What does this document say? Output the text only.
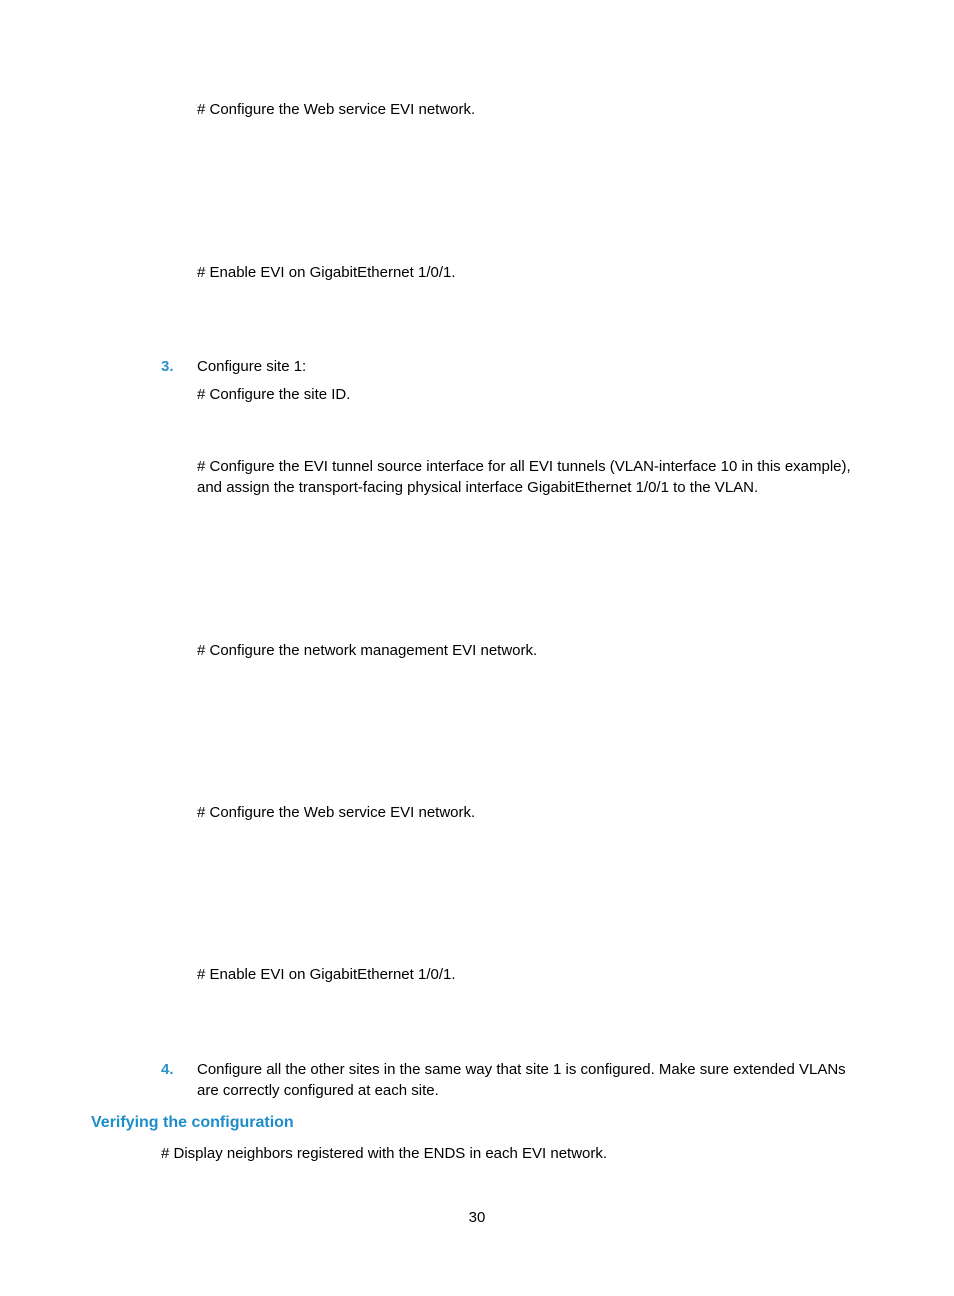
# Configure the Web service EVI network.

# Enable EVI on GigabitEthernet 1/0/1.

3. Configure site 1:

# Configure the site ID.

# Configure the EVI tunnel source interface for all EVI tunnels (VLAN-interface 10 in this example),

and assign the transport-facing physical interface GigabitEthernet 1/0/1 to the VLAN.

# Configure the network management EVI network.

# Configure the Web service EVI network.

# Enable EVI on GigabitEthernet 1/0/1.

4. Configure all the other sites in the same way that site 1 is configured. Make sure extended VLANs

are correctly configured at each site.

Verifying the configuration

# Display neighbors registered with the ENDS in each EVI network.

30
